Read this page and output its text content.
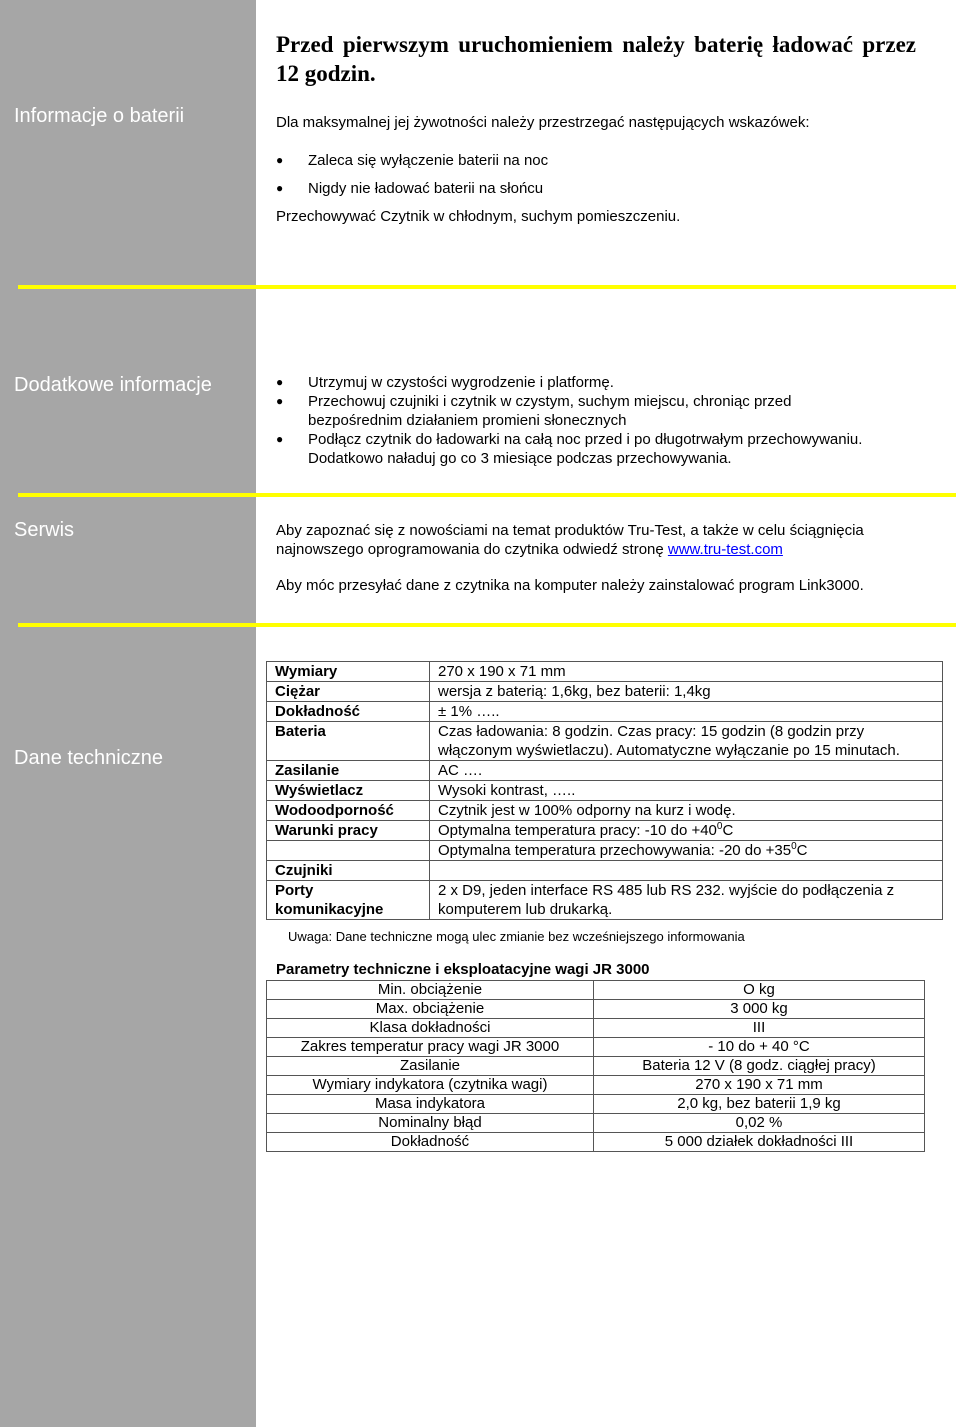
Informacje o baterii
Dodatkowe informacje
Serwis
Dane techniczne
Przed pierwszym uruchomieniem należy baterię ładować przez 12 godzin.
Dla maksymalnej jej żywotności należy przestrzegać następujących wskazówek:
● Zaleca się wyłączenie baterii na noc
● Nigdy nie ładować baterii na słońcu
Przechowywać Czytnik w chłodnym, suchym pomieszczeniu.
● Utrzymuj w czystości wygrodzenie i platformę.
● Przechowuj czujniki i czytnik w czystym, suchym miejscu, chroniąc przed
bezpośrednim działaniem promieni słonecznych
● Podłącz czytnik do ładowarki na całą noc przed i po długotrwałym przechowywaniu.
Dodatkowo naładuj go co 3 miesiące podczas przechowywania.
Aby zapoznać się z nowościami na temat produktów Tru-Test, a także w celu ściągnięcia
najnowszego oprogramowania do czytnika odwiedź stronę www.tru-test.com
Aby móc przesyłać dane z czytnika na komputer należy zainstalować program Link3000.
Wymiary	270 x 190 x 71 mm
Ciężar	wersja z baterią: 1,6kg, bez baterii: 1,4kg
Dokładność	± 1% …..
Bateria	Czas ładowania: 8 godzin. Czas pracy: 15 godzin (8 godzin przy włączonym wyświetlaczu). Automatyczne wyłączanie po 15 minutach.
Zasilanie	AC ….
Wyświetlacz	Wysoki kontrast, …..
Wodoodporność	Czytnik jest w 100% odporny na kurz i wodę.
Warunki pracy	Optymalna temperatura pracy: -10 do $+40^0C$
	Optymalna temperatura przechowywania: -20 do $+35^0C$
Czujniki	
Porty komunikacyjne	2 x D9, jeden interface RS 485 lub RS 232. wyjście do podłączenia z komputerem lub drukarką.
Uwaga: Dane techniczne mogą ulec zmianie bez wcześniejszego informowania
Parametry techniczne i eksploatacyjne wagi JR 3000
Min. obciążenie	O kg
Max. obciążenie	3 000 kg
Klasa dokładności	III
Zakres temperatur pracy wagi JR 3000	- 10 do + 40 °C
Zasilanie	Bateria 12 V (8 godz. ciągłej pracy)
Wymiary indykatora (czytnika wagi)	270 x 190 x 71 mm
Masa indykatora	2,0 kg, bez baterii 1,9 kg
Nominalny błąd	0,02 %
Dokładność	5 000 działek dokładności III
